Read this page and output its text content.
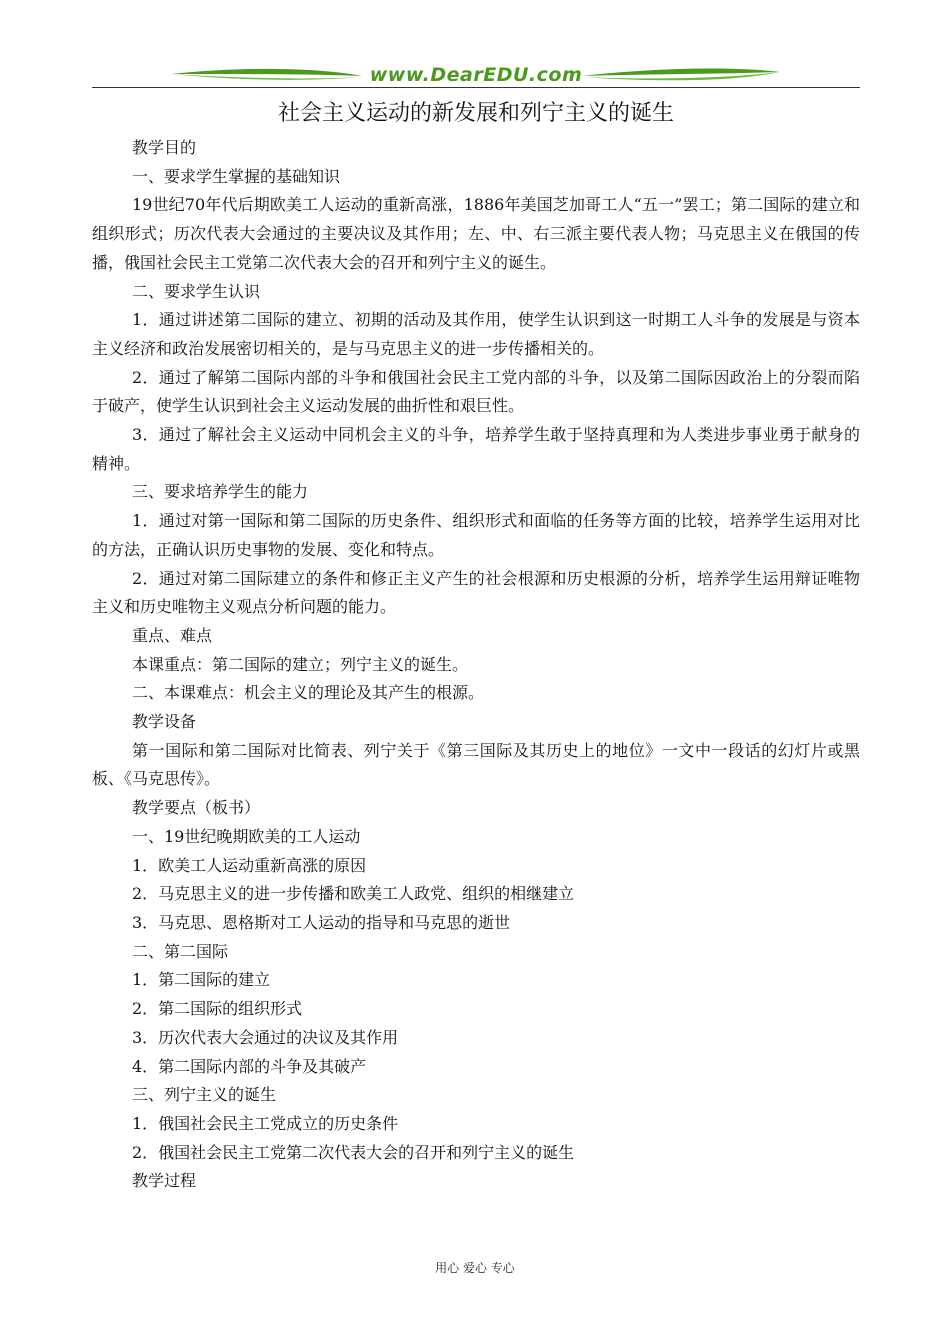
www.DearEDU.com
社会主义运动的新发展和列宁主义的诞生

教学目的

一、要求学生掌握的基础知识

19世纪70年代后期欧美工人运动的重新高涨，1886年美国芝加哥工人“五一”罢工；第二国际的建立和组织形式；历次代表大会通过的主要决议及其作用；左、中、右三派主要代表人物；马克思主义在俄国的传播，俄国社会民主工党第二次代表大会的召开和列宁主义的诞生。

二、要求学生认识

1．通过讲述第二国际的建立、初期的活动及其作用，使学生认识到这一时期工人斗争的发展是与资本主义经济和政治发展密切相关的，是与马克思主义的进一步传播相关的。

2．通过了解第二国际内部的斗争和俄国社会民主工党内部的斗争，以及第二国际因政治上的分裂而陷于破产，使学生认识到社会主义运动发展的曲折性和艰巨性。

3．通过了解社会主义运动中同机会主义的斗争，培养学生敢于坚持真理和为人类进步事业勇于献身的精神。

三、要求培养学生的能力

1．通过对第一国际和第二国际的历史条件、组织形式和面临的任务等方面的比较，培养学生运用对比的方法，正确认识历史事物的发展、变化和特点。

2．通过对第二国际建立的条件和修正主义产生的社会根源和历史根源的分析，培养学生运用辩证唯物主义和历史唯物主义观点分析问题的能力。

重点、难点

本课重点：第二国际的建立；列宁主义的诞生。

二、本课难点：机会主义的理论及其产生的根源。

教学设备

第一国际和第二国际对比简表、列宁关于《第三国际及其历史上的地位》一文中一段话的幻灯片或黑板、《马克思传》。

教学要点（板书）

一、19世纪晚期欧美的工人运动

1．欧美工人运动重新高涨的原因

2．马克思主义的进一步传播和欧美工人政党、组织的相继建立

3．马克思、恩格斯对工人运动的指导和马克思的逝世

二、第二国际

1．第二国际的建立

2．第二国际的组织形式

3．历次代表大会通过的决议及其作用

4．第二国际内部的斗争及其破产

三、列宁主义的诞生

1．俄国社会民主工党成立的历史条件

2．俄国社会民主工党第二次代表大会的召开和列宁主义的诞生

教学过程

用心 爱心 专心
